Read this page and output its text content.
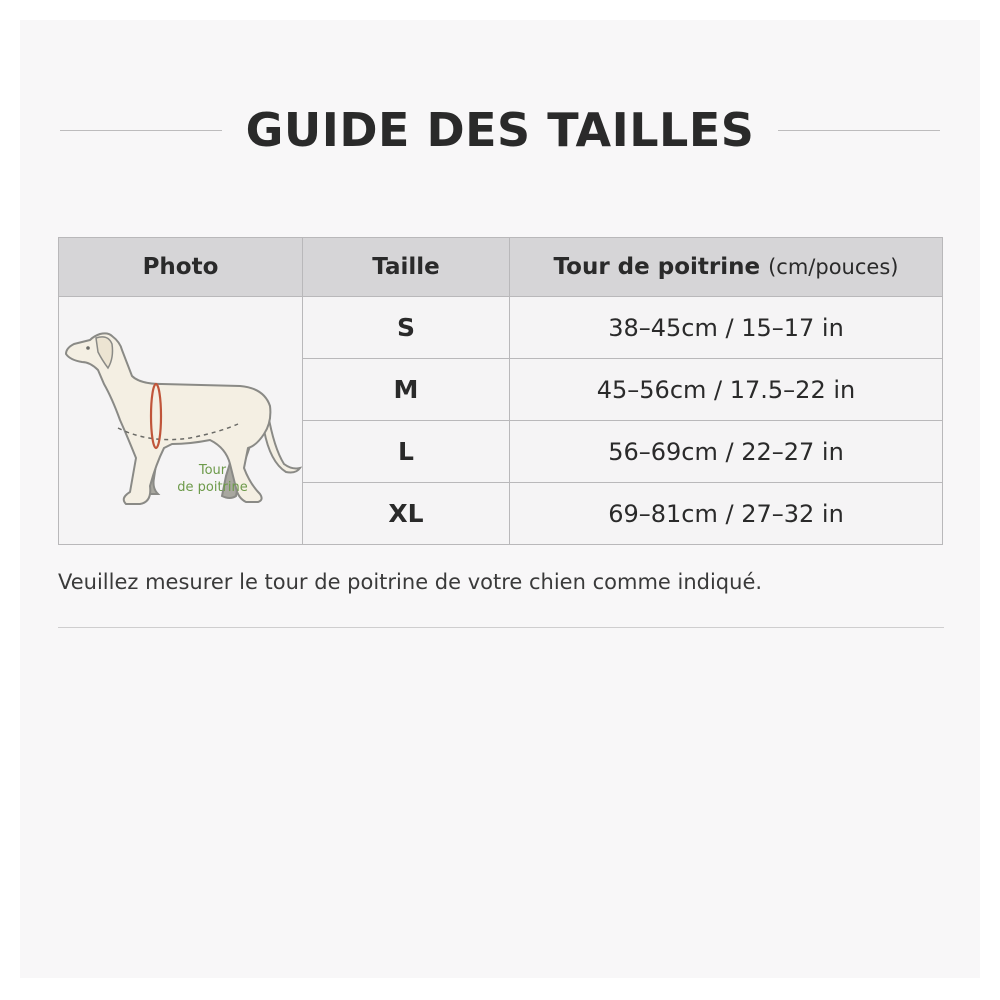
GUIDE DES TAILLES
Photo	Taille	Tour de poitrine (cm/pouces)

Tour
de poitrine	S	38–45cm / 15–17 in
	M	45–56cm / 17.5–22 in
	L	56–69cm / 22–27 in
	XL	69–81cm / 27–32 in
Veuillez mesurer le tour de poitrine de votre chien comme indiqué.
